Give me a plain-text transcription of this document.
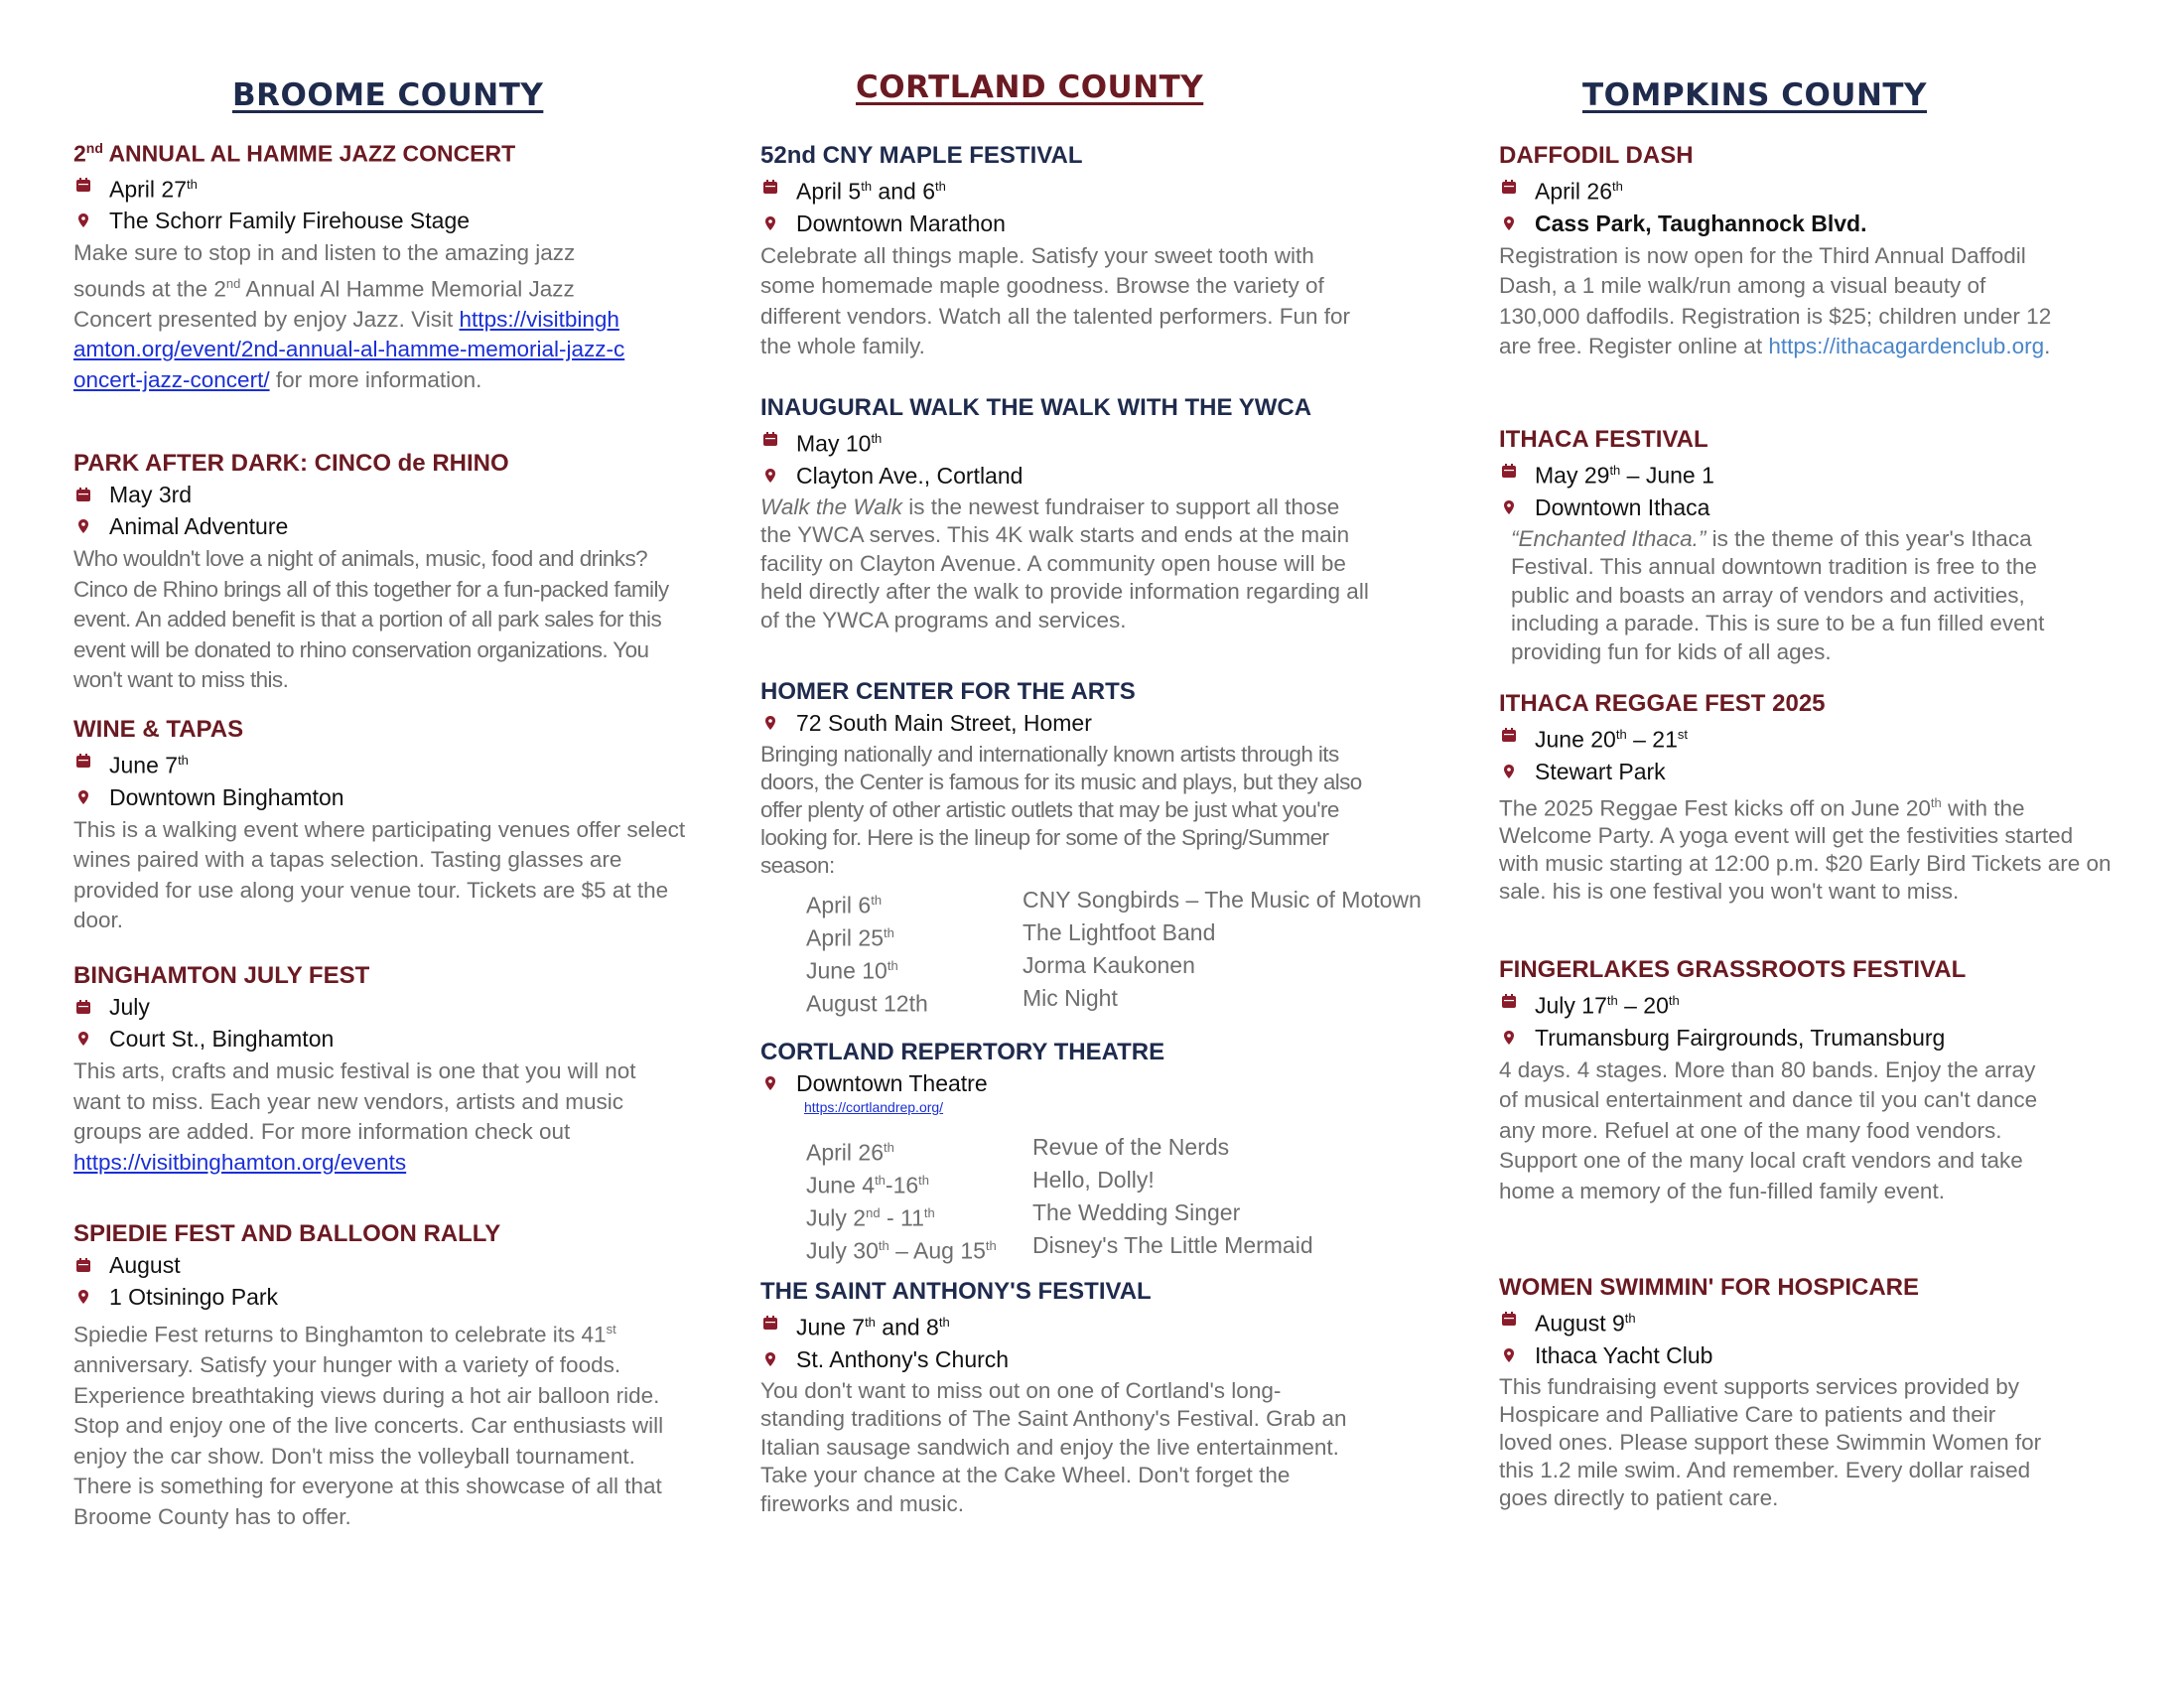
BROOME COUNTY
2nd ANNUAL AL HAMME JAZZ CONCERT
April 27th
The Schorr Family Firehouse Stage
Make sure to stop in and listen to the amazing jazz sounds at the 2nd Annual Al Hamme Memorial Jazz Concert presented by enjoy Jazz. Visit https://visitbinghamton.org/event/2nd-annual-al-hamme-memorial-jazz-concert-jazz-concert/ for more information.
PARK AFTER DARK: CINCO de RHINO
May 3rd
Animal Adventure
Who wouldn't love a night of animals, music, food and drinks? Cinco de Rhino brings all of this together for a fun-packed family event. An added benefit is that a portion of all park sales for this event will be donated to rhino conservation organizations. You won't want to miss this.
WINE & TAPAS
June 7th
Downtown Binghamton
This is a walking event where participating venues offer select wines paired with a tapas selection. Tasting glasses are provided for use along your venue tour. Tickets are $5 at the door.
BINGHAMTON JULY FEST
July
Court St., Binghamton
This arts, crafts and music festival is one that you will not want to miss. Each year new vendors, artists and music groups are added. For more information check out https://visitbinghamton.org/events
SPIEDIE FEST AND BALLOON RALLY
August
1 Otsiningo Park
Spiedie Fest returns to Binghamton to celebrate its 41st anniversary. Satisfy your hunger with a variety of foods. Experience breathtaking views during a hot air balloon ride. Stop and enjoy one of the live concerts. Car enthusiasts will enjoy the car show. Don't miss the volleyball tournament. There is something for everyone at this showcase of all that Broome County has to offer.
CORTLAND COUNTY
52nd CNY MAPLE FESTIVAL
April 5th and 6th
Downtown Marathon
Celebrate all things maple. Satisfy your sweet tooth with some homemade maple goodness. Browse the variety of different vendors. Watch all the talented performers. Fun for the whole family.
INAUGURAL WALK THE WALK WITH THE YWCA
May 10th
Clayton Ave., Cortland
Walk the Walk is the newest fundraiser to support all those the YWCA serves. This 4K walk starts and ends at the main facility on Clayton Avenue. A community open house will be held directly after the walk to provide information regarding all of the YWCA programs and services.
HOMER CENTER FOR THE ARTS
72 South Main Street, Homer
Bringing nationally and internationally known artists through its doors, the Center is famous for its music and plays, but they also offer plenty of other artistic outlets that may be just what you're looking for. Here is the lineup for some of the Spring/Summer season:
April 6th	CNY Songbirds – The Music of Motown
April 25th	The Lightfoot Band
June 10th	Jorma Kaukonen
August 12th	Mic Night
CORTLAND REPERTORY THEATRE
Downtown Theatre
https://cortlandrep.org/
April 26th	Revue of the Nerds
June 4th-16th	Hello, Dolly!
July 2nd - 11th	The Wedding Singer
July 30th – Aug 15th Disney's The Little Mermaid
THE SAINT ANTHONY'S FESTIVAL
June 7th and 8th
St. Anthony's Church
You don't want to miss out on one of Cortland's long-standing traditions of The Saint Anthony's Festival. Grab an Italian sausage sandwich and enjoy the live entertainment. Take your chance at the Cake Wheel. Don't forget the fireworks and music.
TOMPKINS COUNTY
DAFFODIL DASH
April 26th
Cass Park, Taughannock Blvd.
Registration is now open for the Third Annual Daffodil Dash, a 1 mile walk/run among a visual beauty of 130,000 daffodils. Registration is $25; children under 12 are free. Register online at https://ithacagardenclub.org.
ITHACA FESTIVAL
May 29th – June 1
Downtown Ithaca
“Enchanted Ithaca.” is the theme of this year's Ithaca Festival. This annual downtown tradition is free to the public and boasts an array of vendors and activities, including a parade. This is sure to be a fun filled event providing fun for kids of all ages.
ITHACA REGGAE FEST 2025
June 20th – 21st
Stewart Park
The 2025 Reggae Fest kicks off on June 20th with the Welcome Party. A yoga event will get the festivities started with music starting at 12:00 p.m. $20 Early Bird Tickets are on sale. his is one festival you won't want to miss.
FINGERLAKES GRASSROOTS FESTIVAL
July 17th – 20th
Trumansburg Fairgrounds, Trumansburg
4 days. 4 stages. More than 80 bands. Enjoy the array of musical entertainment and dance til you can't dance any more. Refuel at one of the many food vendors. Support one of the many local craft vendors and take home a memory of the fun-filled family event.
WOMEN SWIMMIN' FOR HOSPICARE
August 9th
Ithaca Yacht Club
This fundraising event supports services provided by Hospicare and Palliative Care to patients and their loved ones. Please support these Swimmin Women for this 1.2 mile swim. And remember. Every dollar raised goes directly to patient care.
